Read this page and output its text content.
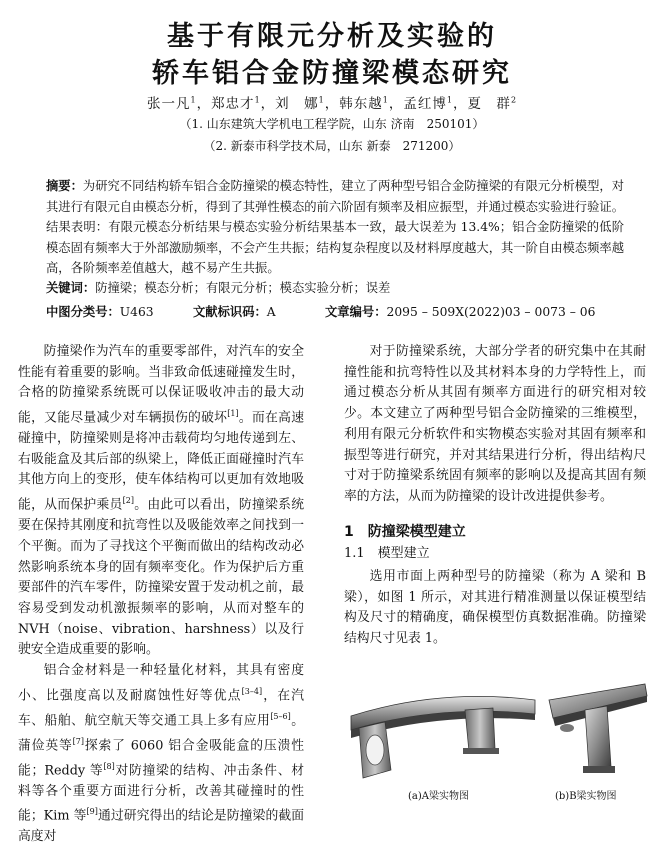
基于有限元分析及实验的
轿车铝合金防撞梁模态研究
张一凡$^1$，郑忠才$^1$，刘　娜$^1$，韩东越$^1$，孟红博$^1$，夏　群$^2$
（1. 山东建筑大学机电工程学院，山东 济南　250101）
（2. 新泰市科学技术局，山东 新泰　271200）
摘要：为研究不同结构轿车铝合金防撞梁的模态特性，建立了两种型号铝合金防撞梁的有限元分析模型，对其进行有限元自由模态分析，得到了其弹性模态的前六阶固有频率及相应振型，并通过模态实验进行验证。结果表明：有限元模态分析结果与模态实验分析结果基本一致，最大误差为 13.4%；铝合金防撞梁的低阶模态固有频率大于外部激励频率，不会产生共振；结构复杂程度以及材料厚度越大，其一阶自由模态频率越高，各阶频率差值越大，越不易产生共振。
关键词：防撞梁；模态分析；有限元分析；模态实验分析；误差
中图分类号：U463	文献标识码：A	文章编号：2095 – 509X(2022)03 – 0073 – 06

防撞梁作为汽车的重要零部件，对汽车的安全性能有着重要的影响。当非致命低速碰撞发生时，合格的防撞梁系统既可以保证吸收冲击的最大动能，又能尽量减少对车辆损伤的破坏[1]。而在高速碰撞中，防撞梁则是将冲击载荷均匀地传递到左、右吸能盒及其后部的纵梁上，降低正面碰撞时汽车其他方向上的变形，使车体结构可以更加有效地吸能，从而保护乘员[2]。由此可以看出，防撞梁系统要在保持其刚度和抗弯性以及吸能效率之间找到一个平衡。而为了寻找这个平衡而做出的结构改动必然影响系统本身的固有频率变化。作为保护后方重要部件的汽车零件，防撞梁安置于发动机之前，最容易受到发动机激振频率的影响，从而对整车的 NVH（noise、vibration、harshness）以及行驶安全造成重要的影响。

铝合金材料是一种轻量化材料，其具有密度小、比强度高以及耐腐蚀性好等优点[3–4]，在汽车、船舶、航空航天等交通工具上多有应用[5–6]。蒲俭英等[7]探索了 6060 铝合金吸能盒的压溃性能；Reddy 等[8]对防撞梁的结构、冲击条件、材料等各个重要方面进行分析，改善其碰撞时的性能；Kim 等[9]通过研究得出的结论是防撞梁的截面高度对

对于防撞梁系统，大部分学者的研究集中在其耐撞性能和抗弯特性以及其材料本身的力学特性上，而通过模态分析从其固有频率方面进行的研究相对较少。本文建立了两种型号铝合金防撞梁的三维模型，利用有限元分析软件和实物模态实验对其固有频率和振型等进行研究，并对其结果进行分析，得出结构尺寸对于防撞梁系统固有频率的影响以及提高其固有频率的方法，从而为防撞梁的设计改进提供参考。

1　防撞梁模型建立
1.1　模型建立

选用市面上两种型号的防撞梁（称为 A 梁和 B 梁），如图 1 所示，对其进行精准测量以保证模型结构及尺寸的精确度，确保模型仿真数据准确。防撞梁结构尺寸见表 1。

(a)A梁实物图	(b)B梁实物图
